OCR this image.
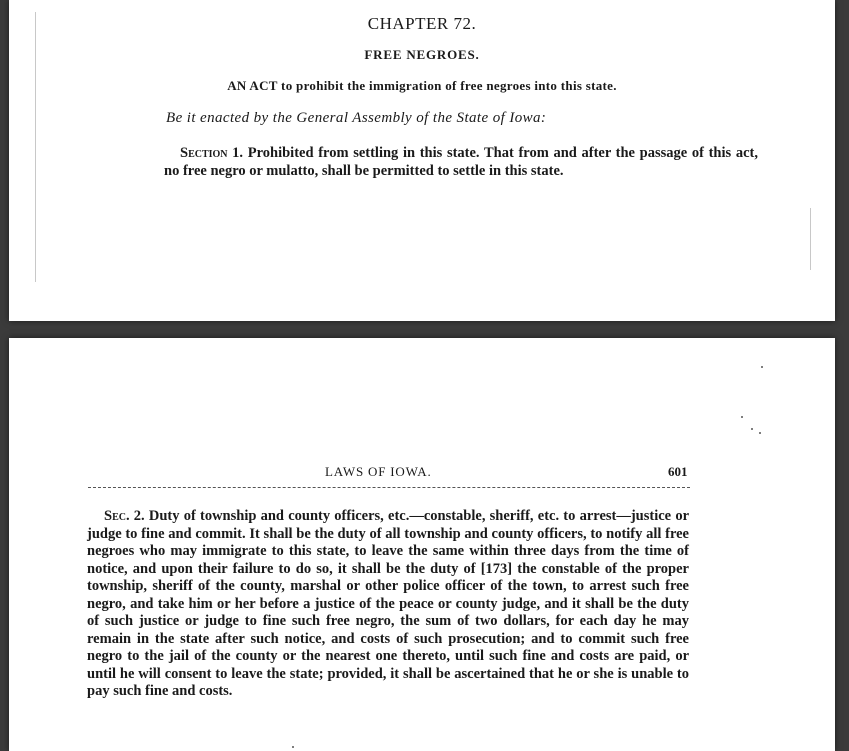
CHAPTER 72.
FREE NEGROES.
AN ACT to prohibit the immigration of free negroes into this state.
Be it enacted by the General Assembly of the State of Iowa:

Section 1. Prohibited from settling in this state. That from and after the passage of this act, no free negro or mulatto, shall be permitted to settle in this state.

LAWS OF IOWA.	601

Sec. 2. Duty of township and county officers, etc.—constable, sheriff, etc. to arrest—justice or judge to fine and commit. It shall be the duty of all township and county officers, to notify all free negroes who may immigrate to this state, to leave the same within three days from the time of notice, and upon their failure to do so, it shall be the duty of [173] the constable of the proper township, sheriff of the county, marshal or other police officer of the town, to arrest such free negro, and take him or her before a justice of the peace or county judge, and it shall be the duty of such justice or judge to fine such free negro, the sum of two dollars, for each day he may remain in the state after such notice, and costs of such prosecution; and to commit such free negro to the jail of the county or the nearest one thereto, until such fine and costs are paid, or until he will consent to leave the state; provided, it shall be ascertained that he or she is unable to pay such fine and costs.
